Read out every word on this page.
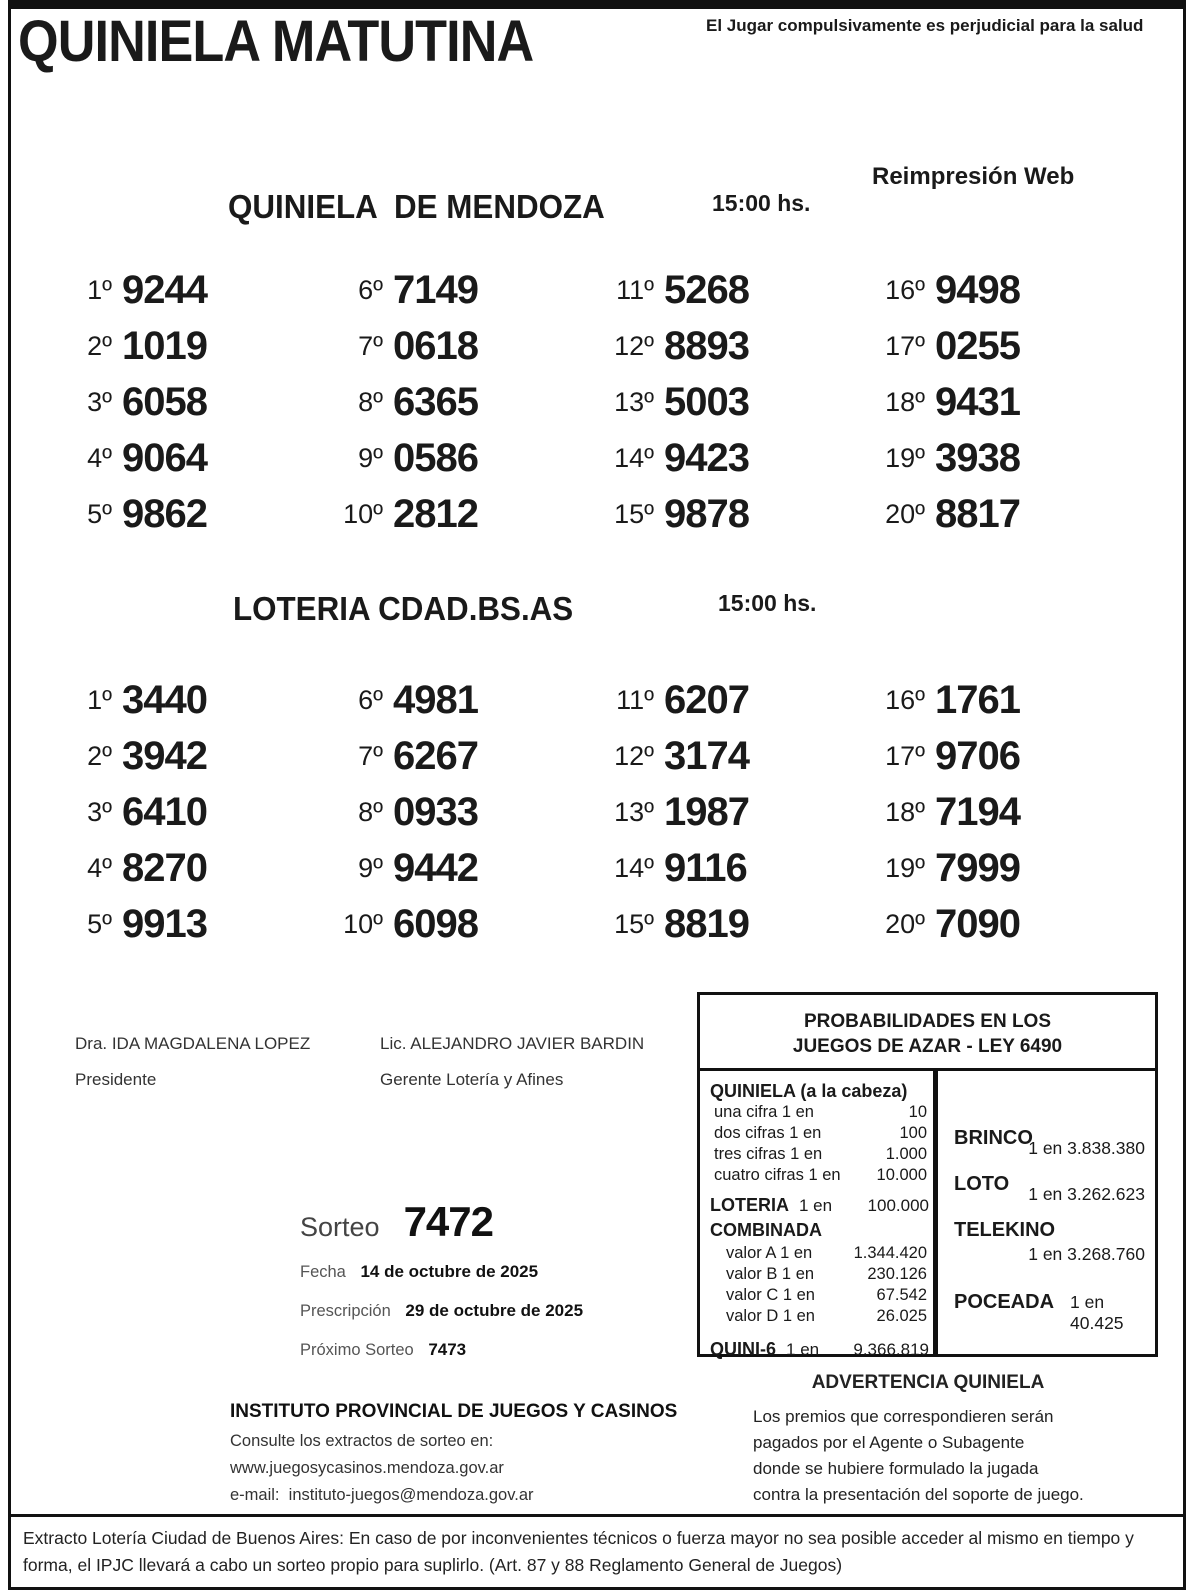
QUINIELA MATUTINA	El Jugar compulsivamente es perjudicial para la salud
QUINIELA  DE MENDOZA	15:00 hs.
Reimpresión Web
1º 9244
2º 1019
3º 6058
4º 9064
5º 9862
6º 7149
7º 0618
8º 6365
9º 0586
10º 2812
11º 5268
12º 8893
13º 5003
14º 9423
15º 9878
16º 9498
17º 0255
18º 9431
19º 3938
20º 8817
LOTERIA CDAD.BS.AS	15:00 hs.
1º 3440
2º 3942
3º 6410
4º 8270
5º 9913
6º 4981
7º 6267
8º 0933
9º 9442
10º 6098
11º 6207
12º 3174
13º 1987
14º 9116
15º 8819
16º 1761
17º 9706
18º 7194
19º 7999
20º 7090
Dra. IDA MAGDALENA LOPEZ
Presidente
Lic. ALEJANDRO JAVIER BARDIN
Gerente Lotería y Afines
Sorteo 7472
Fecha 14 de octubre de 2025
Prescripción 29 de octubre de 2025
Próximo Sorteo 7473
PROBABILIDADES EN LOS
JUEGOS DE AZAR - LEY 6490
QUINIELA (a la cabeza)
una cifra 1 en	10
dos cifras 1 en	100
tres cifras 1 en	1.000
cuatro cifras 1 en 10.000
LOTERIA 1 en 100.000
COMBINADA
valor A 1 en	1.344.420
valor B 1 en	230.126
valor C 1 en	67.542
valor D 1 en	26.025
QUINI-6 1 en 9.366.819
BRINCO
1 en 3.838.380
LOTO	1 en 3.262.623
TELEKINO
1 en 3.268.760
POCEADA 1 en 40.425
ADVERTENCIA QUINIELA
Los premios que correspondieren serán
pagados por el Agente o Subagente
donde se hubiere formulado la jugada
contra la presentación del soporte de juego.
INSTITUTO PROVINCIAL DE JUEGOS Y CASINOS
Consulte los extractos de sorteo en:
www.juegosycasinos.mendoza.gov.ar
e-mail:  instituto-juegos@mendoza.gov.ar
Extracto Lotería Ciudad de Buenos Aires: En caso de por inconvenientes técnicos o fuerza mayor no sea posible acceder al mismo en tiempo y
forma, el IPJC llevará a cabo un sorteo propio para suplirlo. (Art. 87 y 88 Reglamento General de Juegos)
